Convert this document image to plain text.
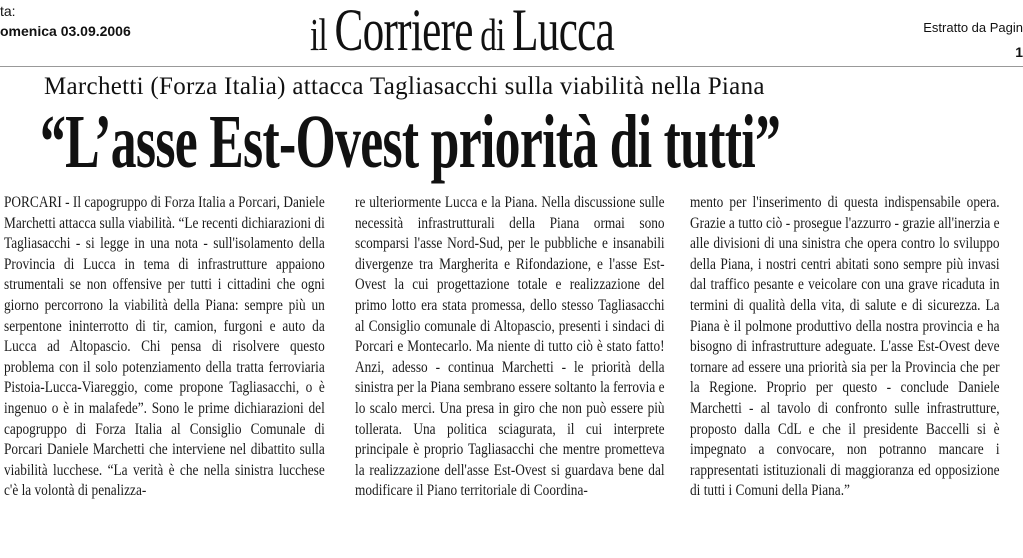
ta:
omenica 03.09.2006	il Corriere di Lucca	Estratto da Pagin
1
Marchetti (Forza Italia) attacca Tagliasacchi sulla viabilità nella Piana
“L’asse Est-Ovest priorità di tutti”

PORCARI - Il capogruppo di Forza Italia a Porcari, Daniele Marchetti attacca sulla viabilità. “Le recenti dichiarazioni di Tagliasacchi - si legge in una nota - sull'isolamento della Provincia di Lucca in tema di infrastrutture appaiono strumentali se non offensive per tutti i cittadini che ogni giorno percorrono la viabilità della Piana: sempre più un serpentone ininterrotto di tir, camion, furgoni e auto da Lucca ad Altopascio. Chi pensa di risolvere questo problema con il solo potenziamento della tratta ferroviaria Pistoia-Lucca-Viareggio, come propone Tagliasacchi, o è ingenuo o è in malafede”. Sono le prime dichiarazioni del capogruppo di Forza Italia al Consiglio Comunale di Porcari Daniele Marchetti che interviene nel dibattito sulla viabilità lucchese. “La verità è che nella sinistra lucchese c'è la volontà di penalizza-

re ulteriormente Lucca e la Piana. Nella discussione sulle necessità infrastrutturali della Piana ormai sono scomparsi l'asse Nord-Sud, per le pubbliche e insanabili divergenze tra Margherita e Rifondazione, e l'asse Est-Ovest la cui progettazione totale e realizzazione del primo lotto era stata promessa, dello stesso Tagliasacchi al Consiglio comunale di Altopascio, presenti i sindaci di Porcari e Montecarlo. Ma niente di tutto ciò è stato fatto! Anzi, adesso - continua Marchetti - le priorità della sinistra per la Piana sembrano essere soltanto la ferrovia e lo scalo merci. Una presa in giro che non può essere più tollerata. Una politica sciagurata, il cui interprete principale è proprio Tagliasacchi che mentre prometteva la realizzazione dell'asse Est-Ovest si guardava bene dal modificare il Piano territoriale di Coordina-

mento per l'inserimento di questa indispensabile opera. Grazie a tutto ciò - prosegue l'azzurro - grazie all'inerzia e alle divisioni di una sinistra che opera contro lo sviluppo della Piana, i nostri centri abitati sono sempre più invasi dal traffico pesante e veicolare con una grave ricaduta in termini di qualità della vita, di salute e di sicurezza. La Piana è il polmone produttivo della nostra provincia e ha bisogno di infrastrutture adeguate. L'asse Est-Ovest deve tornare ad essere una priorità sia per la Provincia che per la Regione. Proprio per questo - conclude Daniele Marchetti - al tavolo di confronto sulle infrastrutture, proposto dalla CdL e che il presidente Baccelli si è impegnato a convocare, non potranno mancare i rappresentati istituzionali di maggioranza ed opposizione di tutti i Comuni della Piana.”
